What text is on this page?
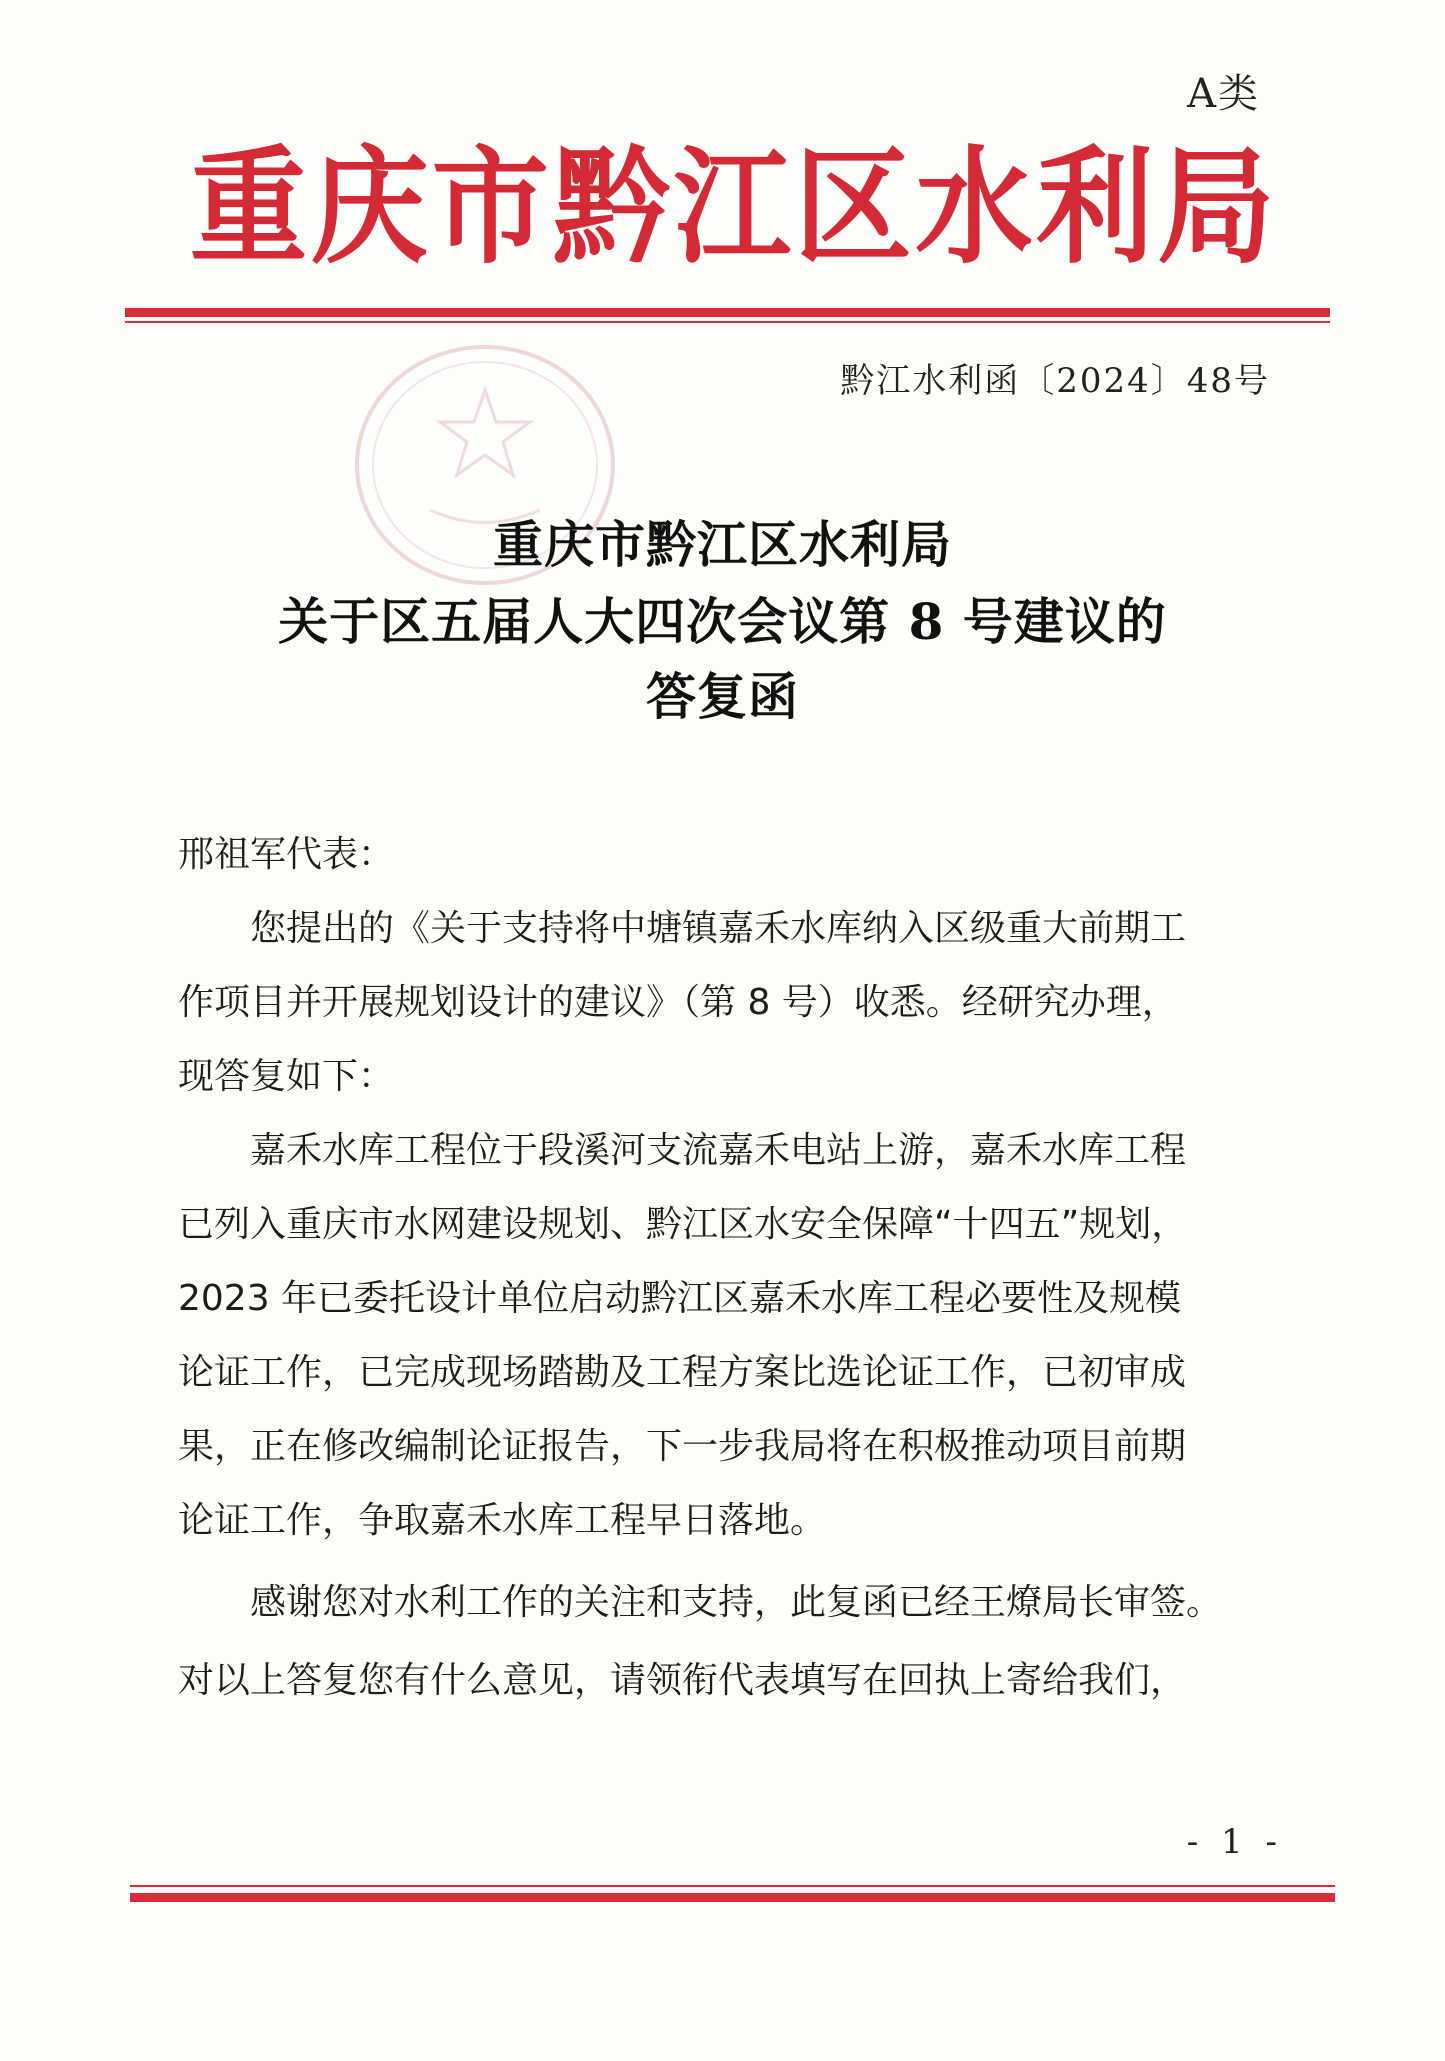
A类
重庆市黔江区水利局
黔江水利函〔2024〕48号
重庆市黔江区水利局
关于区五届人大四次会议第 8 号建议的
答复函
邢祖军代表：
　　您提出的《关于支持将中塘镇嘉禾水库纳入区级重大前期工
作项目并开展规划设计的建议》（第 8 号）收悉。经研究办理，
现答复如下：
　　嘉禾水库工程位于段溪河支流嘉禾电站上游，嘉禾水库工程
已列入重庆市水网建设规划、黔江区水安全保障“十四五”规划，
2023 年已委托设计单位启动黔江区嘉禾水库工程必要性及规模
论证工作，已完成现场踏勘及工程方案比选论证工作，已初审成
果，正在修改编制论证报告，下一步我局将在积极推动项目前期
论证工作，争取嘉禾水库工程早日落地。
　　感谢您对水利工作的关注和支持，此复函已经王燎局长审签。
对以上答复您有什么意见，请领衔代表填写在回执上寄给我们，
- 1 -
